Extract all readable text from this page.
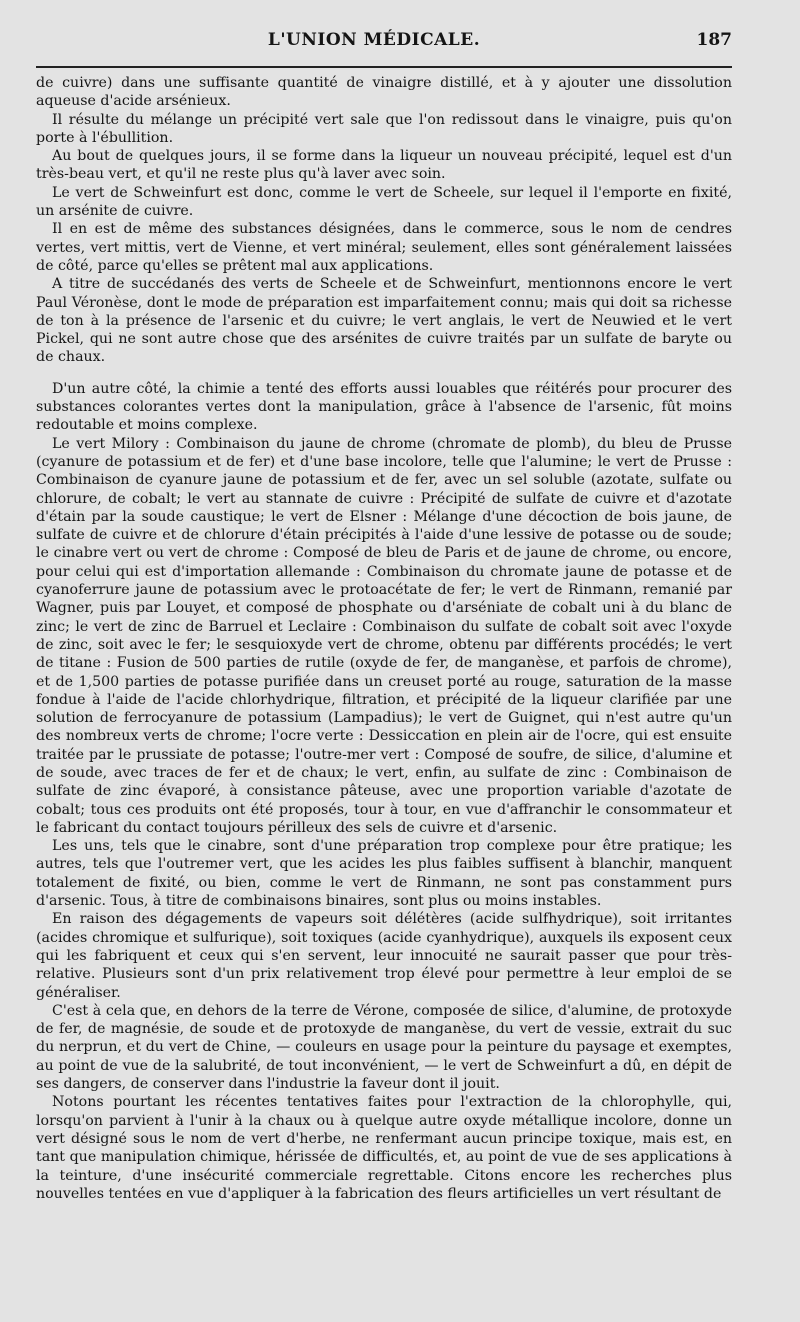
L'UNION MÉDICALE.	187

de cuivre) dans une suffisante quantité de vinaigre distillé, et à y ajouter une dissolution aqueuse d'acide arsénieux.

Il résulte du mélange un précipité vert sale que l'on redissout dans le vinaigre, puis qu'on porte à l'ébullition.

Au bout de quelques jours, il se forme dans la liqueur un nouveau précipité, lequel est d'un très-beau vert, et qu'il ne reste plus qu'à laver avec soin.

Le vert de Schweinfurt est donc, comme le vert de Scheele, sur lequel il l'emporte en fixité, un arsénite de cuivre.

Il en est de même des substances désignées, dans le commerce, sous le nom de cendres vertes, vert mittis, vert de Vienne, et vert minéral; seulement, elles sont généralement laissées de côté, parce qu'elles se prêtent mal aux applications.

A titre de succédanés des verts de Scheele et de Schweinfurt, mentionnons encore le vert Paul Véronèse, dont le mode de préparation est imparfaitement connu; mais qui doit sa richesse de ton à la présence de l'arsenic et du cuivre; le vert anglais, le vert de Neuwied et le vert Pickel, qui ne sont autre chose que des arsénites de cuivre traités par un sulfate de baryte ou de chaux.

D'un autre côté, la chimie a tenté des efforts aussi louables que réitérés pour procurer des substances colorantes vertes dont la manipulation, grâce à l'absence de l'arsenic, fût moins redoutable et moins complexe.

Le vert Milory : Combinaison du jaune de chrome (chromate de plomb), du bleu de Prusse (cyanure de potassium et de fer) et d'une base incolore, telle que l'alumine; le vert de Prusse : Combinaison de cyanure jaune de potassium et de fer, avec un sel soluble (azotate, sulfate ou chlorure, de cobalt; le vert au stannate de cuivre : Précipité de sulfate de cuivre et d'azotate d'étain par la soude caustique; le vert de Elsner : Mélange d'une décoction de bois jaune, de sulfate de cuivre et de chlorure d'étain précipités à l'aide d'une lessive de potasse ou de soude; le cinabre vert ou vert de chrome : Composé de bleu de Paris et de jaune de chrome, ou encore, pour celui qui est d'importation allemande : Combinaison du chromate jaune de potasse et de cyanoferrure jaune de potassium avec le protoacétate de fer; le vert de Rinmann, remanié par Wagner, puis par Louyet, et composé de phosphate ou d'arséniate de cobalt uni à du blanc de zinc; le vert de zinc de Barruel et Leclaire : Combinaison du sulfate de cobalt soit avec l'oxyde de zinc, soit avec le fer; le sesquioxyde vert de chrome, obtenu par différents procédés; le vert de titane : Fusion de 500 parties de rutile (oxyde de fer, de manganèse, et parfois de chrome), et de 1,500 parties de potasse purifiée dans un creuset porté au rouge, saturation de la masse fondue à l'aide de l'acide chlorhydrique, filtration, et précipité de la liqueur clarifiée par une solution de ferrocyanure de potassium (Lampadius); le vert de Guignet, qui n'est autre qu'un des nombreux verts de chrome; l'ocre verte : Dessiccation en plein air de l'ocre, qui est ensuite traitée par le prussiate de potasse; l'outre-mer vert : Composé de soufre, de silice, d'alumine et de soude, avec traces de fer et de chaux; le vert, enfin, au sulfate de zinc : Combinaison de sulfate de zinc évaporé, à consistance pâteuse, avec une proportion variable d'azotate de cobalt; tous ces produits ont été proposés, tour à tour, en vue d'affranchir le consommateur et le fabricant du contact toujours périlleux des sels de cuivre et d'arsenic.

Les uns, tels que le cinabre, sont d'une préparation trop complexe pour être pratique; les autres, tels que l'outremer vert, que les acides les plus faibles suffisent à blanchir, manquent totalement de fixité, ou bien, comme le vert de Rinmann, ne sont pas constamment purs d'arsenic. Tous, à titre de combinaisons binaires, sont plus ou moins instables.

En raison des dégagements de vapeurs soit délétères (acide sulfhydrique), soit irritantes (acides chromique et sulfurique), soit toxiques (acide cyanhydrique), auxquels ils exposent ceux qui les fabriquent et ceux qui s'en servent, leur innocuité ne saurait passer que pour très-relative. Plusieurs sont d'un prix relativement trop élevé pour permettre à leur emploi de se généraliser.

C'est à cela que, en dehors de la terre de Vérone, composée de silice, d'alumine, de protoxyde de fer, de magnésie, de soude et de protoxyde de manganèse, du vert de vessie, extrait du suc du nerprun, et du vert de Chine, — couleurs en usage pour la peinture du paysage et exemptes, au point de vue de la salubrité, de tout inconvénient, — le vert de Schweinfurt a dû, en dépit de ses dangers, de conserver dans l'industrie la faveur dont il jouit.

Notons pourtant les récentes tentatives faites pour l'extraction de la chlorophylle, qui, lorsqu'on parvient à l'unir à la chaux ou à quelque autre oxyde métallique incolore, donne un vert désigné sous le nom de vert d'herbe, ne renfermant aucun principe toxique, mais est, en tant que manipulation chimique, hérissée de difficultés, et, au point de vue de ses applications à la teinture, d'une insécurité commerciale regrettable. Citons encore les recherches plus nouvelles tentées en vue d'appliquer à la fabrication des fleurs artificielles un vert résultant de
